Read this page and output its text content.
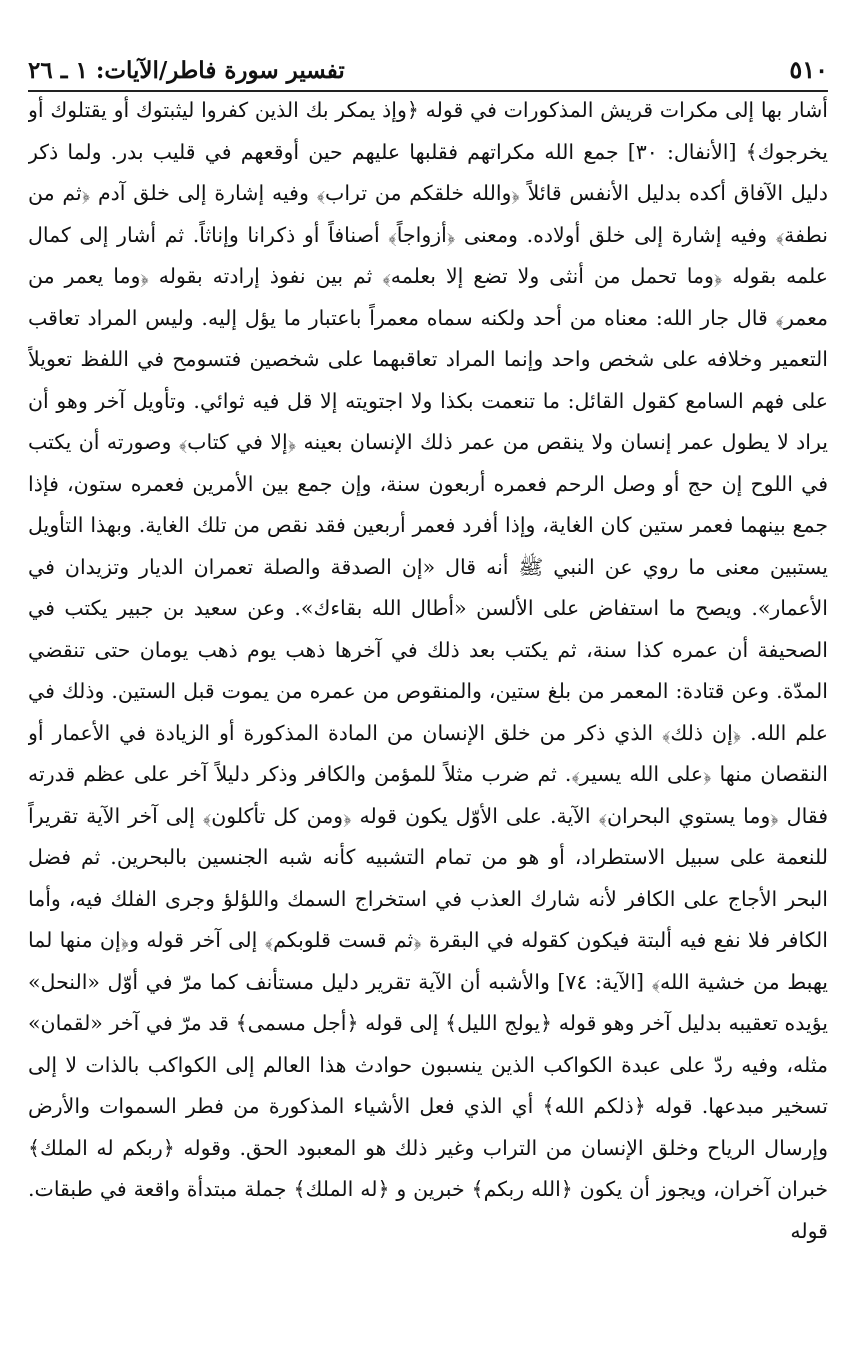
٥١٠
تفسير سورة فاطر/الآيات: ١ ـ ٢٦

أشار بها إلى مكرات قريش المذكورات في قوله ﴿وإذ يمكر بك الذين كفروا ليثبتوك أو يقتلوك أو يخرجوك﴾ [الأنفال: ٣٠] جمع الله مكراتهم فقلبها عليهم حين أوقعهم في قليب بدر. ولما ذكر دليل الآفاق أكده بدليل الأنفس قائلاً ﴿والله خلقكم من تراب﴾ وفيه إشارة إلى خلق آدم ﴿ثم من نطفة﴾ وفيه إشارة إلى خلق أولاده. ومعنى ﴿أزواجاً﴾ أصنافاً أو ذكرانا وإناثاً. ثم أشار إلى كمال علمه بقوله ﴿وما تحمل من أنثى ولا تضع إلا بعلمه﴾ ثم بين نفوذ إرادته بقوله ﴿وما يعمر من معمر﴾ قال جار الله: معناه من أحد ولكنه سماه معمراً باعتبار ما يؤل إليه. وليس المراد تعاقب التعمير وخلافه على شخص واحد وإنما المراد تعاقبهما على شخصين فتسومح في اللفظ تعويلاً على فهم السامع كقول القائل: ما تنعمت بكذا ولا اجتويته إلا قل فيه ثوائي. وتأويل آخر وهو أن يراد لا يطول عمر إنسان ولا ينقص من عمر ذلك الإنسان بعينه ﴿إلا في كتاب﴾ وصورته أن يكتب في اللوح إن حج أو وصل الرحم فعمره أربعون سنة، وإن جمع بين الأمرين فعمره ستون، فإذا جمع بينهما فعمر ستين كان الغاية، وإذا أفرد فعمر أربعين فقد نقص من تلك الغاية. وبهذا التأويل يستبين معنى ما روي عن النبي ﷺ أنه قال «إن الصدقة والصلة تعمران الديار وتزيدان في الأعمار». ويصح ما استفاض على الألسن «أطال الله بقاءك». وعن سعيد بن جبير يكتب في الصحيفة أن عمره كذا سنة، ثم يكتب بعد ذلك في آخرها ذهب يوم ذهب يومان حتى تنقضي المدّة. وعن قتادة: المعمر من بلغ ستين، والمنقوص من عمره من يموت قبل الستين. وذلك في علم الله. ﴿إن ذلك﴾ الذي ذكر من خلق الإنسان من المادة المذكورة أو الزيادة في الأعمار أو النقصان منها ﴿على الله يسير﴾. ثم ضرب مثلاً للمؤمن والكافر وذكر دليلاً آخر على عظم قدرته فقال ﴿وما يستوي البحران﴾ الآية. على الأوّل يكون قوله ﴿ومن كل تأكلون﴾ إلى آخر الآية تقريراً للنعمة على سبيل الاستطراد، أو هو من تمام التشبيه كأنه شبه الجنسين بالبحرين. ثم فضل البحر الأجاج على الكافر لأنه شارك العذب في استخراج السمك واللؤلؤ وجرى الفلك فيه، وأما الكافر فلا نفع فيه ألبتة فيكون كقوله في البقرة ﴿ثم قست قلوبكم﴾ إلى آخر قوله و﴿إن منها لما يهبط من خشية الله﴾ [الآية: ٧٤] والأشبه أن الآية تقرير دليل مستأنف كما مرّ في أوّل «النحل» يؤيده تعقيبه بدليل آخر وهو قوله ﴿يولج الليل﴾ إلى قوله ﴿أجل مسمى﴾ قد مرّ في آخر «لقمان» مثله، وفيه ردّ على عبدة الكواكب الذين ينسبون حوادث هذا العالم إلى الكواكب بالذات لا إلى تسخير مبدعها. قوله ﴿ذلكم الله﴾ أي الذي فعل الأشياء المذكورة من فطر السموات والأرض وإرسال الرياح وخلق الإنسان من التراب وغير ذلك هو المعبود الحق. وقوله ﴿ربكم له الملك﴾ خبران آخران، ويجوز أن يكون ﴿الله ربكم﴾ خبرين و ﴿له الملك﴾ جملة مبتدأة واقعة في طبقات. قوله
